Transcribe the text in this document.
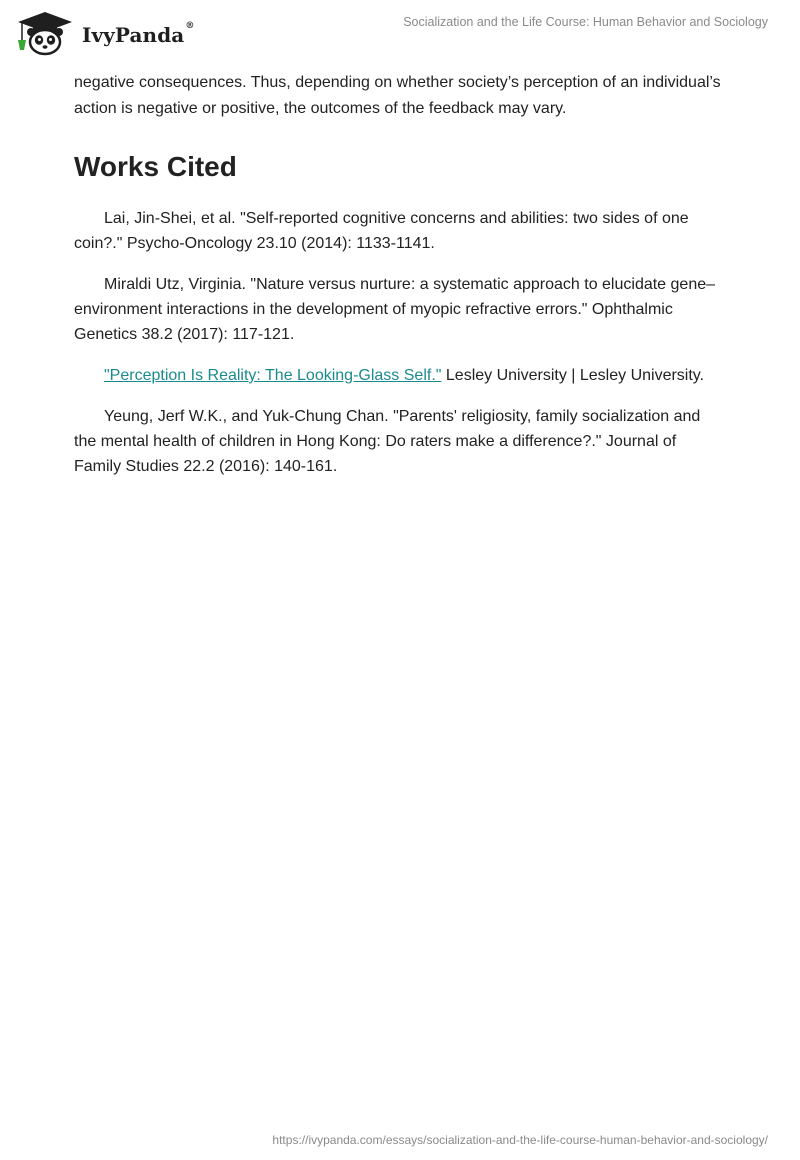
IvyPanda®	Socialization and the Life Course: Human Behavior and Sociology

negative consequences. Thus, depending on whether society’s perception of an individual’s action is negative or positive, the outcomes of the feedback may vary.

Works Cited

Lai, Jin-Shei, et al. "Self-reported cognitive concerns and abilities: two sides of one coin?." Psycho-Oncology 23.10 (2014): 1133-1141.

Miraldi Utz, Virginia. "Nature versus nurture: a systematic approach to elucidate gene–environment interactions in the development of myopic refractive errors." Ophthalmic Genetics 38.2 (2017): 117-121.

"Perception Is Reality: The Looking-Glass Self." Lesley University | Lesley University.

Yeung, Jerf W.K., and Yuk-Chung Chan. "Parents' religiosity, family socialization and the mental health of children in Hong Kong: Do raters make a difference?." Journal of Family Studies 22.2 (2016): 140-161.

https://ivypanda.com/essays/socialization-and-the-life-course-human-behavior-and-sociology/
